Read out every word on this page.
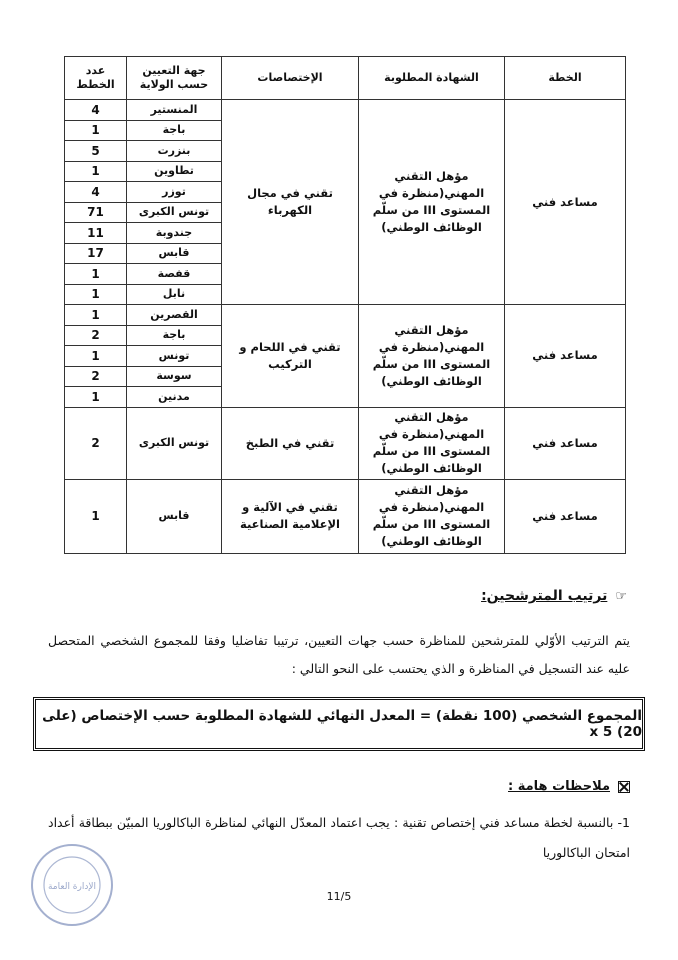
الخطة	الشهادة المطلوبة	الإختصاصات	جهة التعيين حسب الولاية	عدد الخطط
مساعد فني	مؤهل التقني المهني(منظرة في المستوى III من سلّم الوظائف الوطني)	تقني في مجال الكهرباء	المنستير	4
			باجة	1
			بنزرت	5
			تطاوين	1
			توزر	4
			تونس الكبرى	71
			جندوبة	11
			قابس	17
			قفصة	1
			نابل	1
مساعد فني	مؤهل التقني المهني(منظرة في المستوى III من سلّم الوظائف الوطني)	تقني في اللحام و التركيب	القصرين	1
			باجة	2
			تونس	1
			سوسة	2
			مدنين	1
مساعد فني	مؤهل التقني المهني(منظرة في المستوى III من سلّم الوظائف الوطني)	تقني في الطبخ	تونس الكبرى	2
مساعد فني	مؤهل التقني المهني(منظرة في المستوى III من سلّم الوظائف الوطني)	تقني في الآلية و الإعلامية الصناعية	قابس	1
☞ترتيب المترشحين:
يتم الترتيب الأوّلي للمترشحين للمناظرة حسب جهات التعيين، ترتيبا تفاضليا وفقا للمجموع الشخصي المتحصل عليه عند التسجيل في المناظرة و الذي يحتسب على النحو التالي :
المجموع الشخصي (100 نقطة) = المعدل النهائي للشهادة المطلوبة حسب الإختصاص (على 20) x 5
ملاحظات هامة :
1- بالنسبة لخطة مساعد فني إختصاص تقنية : يجب اعتماد المعدّل النهائي لمناظرة الباكالوريا المبيّن ببطاقة أعداد امتحان الباكالوريا
الإدارة العامة
11/5
